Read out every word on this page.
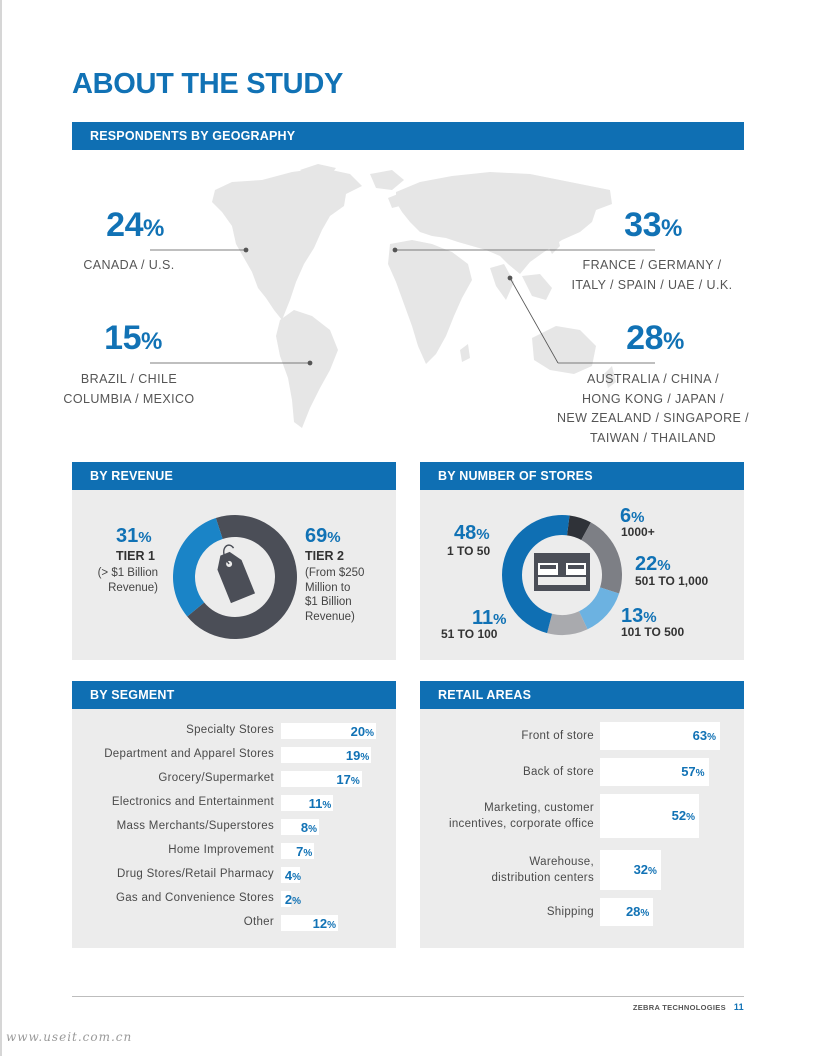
ABOUT THE STUDY
RESPONDENTS BY GEOGRAPHY
24%
CANADA / U.S.
33%
FRANCE / GERMANY /
ITALY / SPAIN / UAE / U.K.
15%
BRAZIL / CHILE
COLUMBIA / MEXICO
28%
AUSTRALIA / CHINA /
HONG KONG / JAPAN /
NEW ZEALAND / SINGAPORE /
TAIWAN / THAILAND
BY REVENUE
31%
TIER 1
(> $1 Billion
Revenue)
69%
TIER 2
(From $250
Million to
$1 Billion
Revenue)
BY NUMBER OF STORES
48%
1 TO 50
6%
1000+
22%
501 TO 1,000
13%
101 TO 500
11%
51 TO 100
BY SEGMENT	RETAIL AREAS
ZEBRA TECHNOLOGIES 11
www.useit.com.cn
Specialty Stores	20%
Department and Apparel Stores	19%
Grocery/Supermarket	17%
Electronics and Entertainment	11%
Mass Merchants/Superstores	8%
Home Improvement	7%
Drug Stores/Retail Pharmacy 4%
Gas and Convenience Stores 2%
Other	12%
Front of store	63%
Back of store	57%
Marketing, customer
incentives, corporate office
52%
Warehouse,
distribution centers
32%
Shipping	28%
